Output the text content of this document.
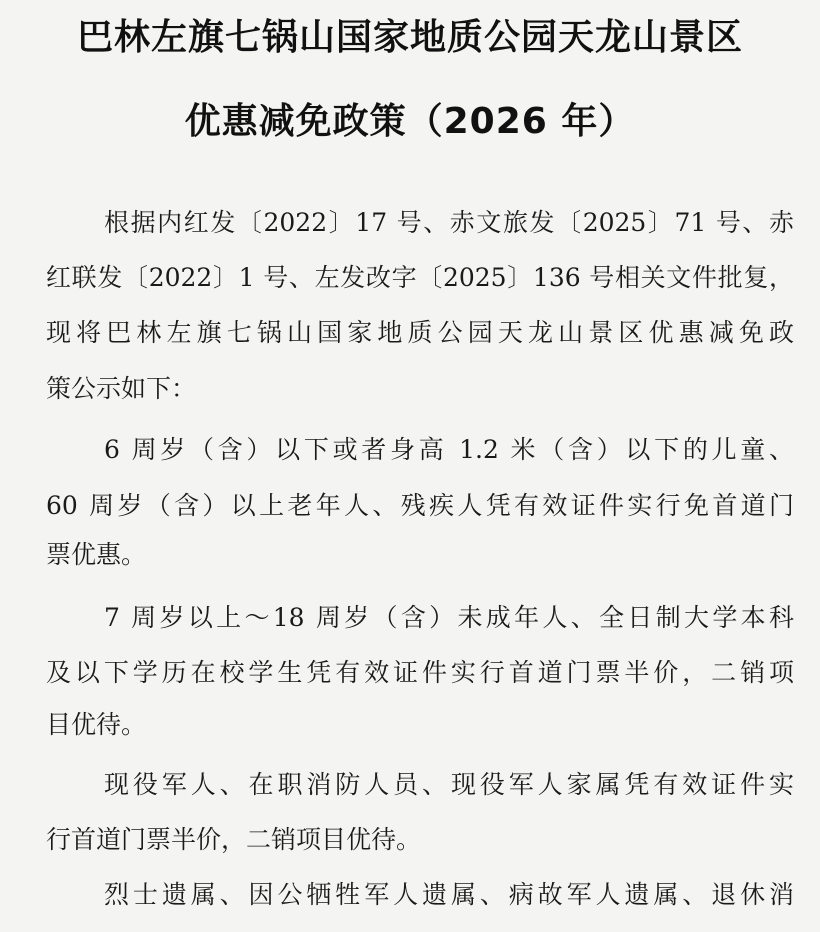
巴林左旗七锅山国家地质公园天龙山景区
优惠减免政策（2026 年）
根据内红发〔2022〕17 号、赤文旅发〔2025〕71 号、赤
红联发〔2022〕1 号、左发改字〔2025〕136 号相关文件批复，
现将巴林左旗七锅山国家地质公园天龙山景区优惠减免政
策公示如下：
6 周岁（含）以下或者身高 1.2 米（含）以下的儿童、
60 周岁（含）以上老年人、残疾人凭有效证件实行免首道门
票优惠。
7 周岁以上～18 周岁（含）未成年人、全日制大学本科
及以下学历在校学生凭有效证件实行首道门票半价，二销项
目优待。
现役军人、在职消防人员、现役军人家属凭有效证件实
行首道门票半价，二销项目优待。
烈士遗属、因公牺牲军人遗属、病故军人遗属、退休消
